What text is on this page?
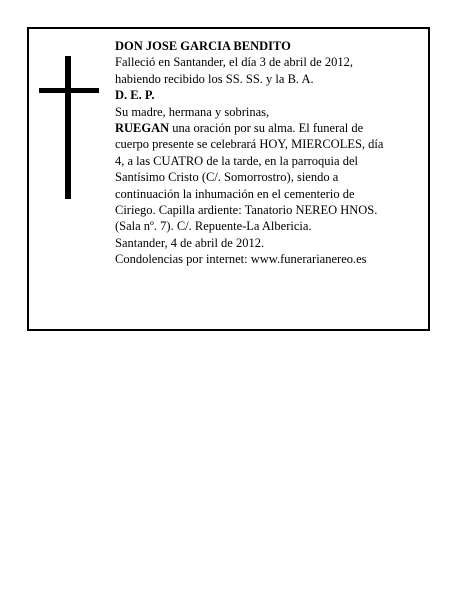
DON JOSE GARCIA BENDITO

Falleció en Santander, el día 3 de abril de 2012,
habiendo recibido los SS. SS. y la B. A.

D. E. P.

Su madre, hermana y sobrinas,

RUEGAN una oración por su alma. El funeral de
cuerpo presente se celebrará HOY, MIERCOLES, día
4, a las CUATRO de la tarde, en la parroquia del
Santísimo Cristo (C/. Somorrostro), siendo a
continuación la inhumación en el cementerio de
Ciriego. Capilla ardiente: Tanatorio NEREO HNOS.
(Sala nº. 7). C/. Repuente-La Albericia.

Santander, 4 de abril de 2012.

Condolencias por internet: www.funerarianereo.es
